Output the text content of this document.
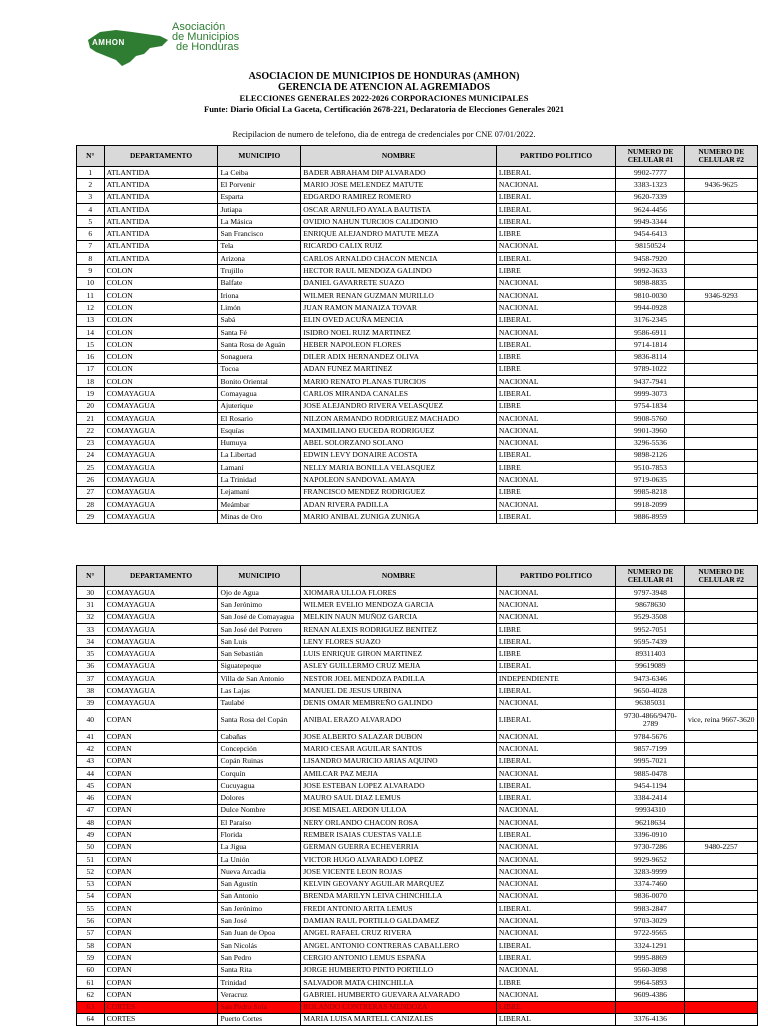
AMHON
Asociación
de Municipios
de Honduras
ASOCIACION DE MUNICIPIOS DE HONDURAS (AMHON)
GERENCIA DE ATENCION AL AGREMIADOS
ELECCIONES GENERALES 2022-2026 CORPORACIONES MUNICIPALES
Funte: Diario Oficial La Gaceta, Certificación 2678-221, Declaratoria de Elecciones Generales 2021
Recipilacion de numero de telefono, dia de entrega de credenciales por CNE 07/01/2022.
N°	DEPARTAMENTO	MUNICIPIO	NOMBRE	PARTIDO POLITICO	NUMERO DE CELULAR #1	NUMERO DE CELULAR #2
1	ATLANTIDA	La Ceiba	BADER ABRAHAM DIP ALVARADO	LIBERAL	9902-7777	
2	ATLANTIDA	El Porvenir	MARIO JOSE MELENDEZ MATUTE	NACIONAL	3383-1323	9436-9625
3	ATLANTIDA	Esparta	EDGARDO RAMIREZ ROMERO	LIBERAL	9620-7339	
4	ATLANTIDA	Jutiapa	OSCAR ARNULFO AYALA BAUTISTA	LIBERAL	9624-4456	
5	ATLANTIDA	La Másica	OVIDIO NAHUN TURCIOS CALIDONIO	LIBERAL	9949-3344	
6	ATLANTIDA	San Francisco	ENRIQUE ALEJANDRO MATUTE MEZA	LIBRE	9454-6413	
7	ATLANTIDA	Tela	RICARDO CALIX RUIZ	NACIONAL	98150524	
8	ATLANTIDA	Arizona	CARLOS ARNALDO CHACON MENCIA	LIBERAL	9458-7920	
9	COLON	Trujillo	HECTOR RAUL MENDOZA GALINDO	LIBRE	9992-3633	
10	COLON	Balfate	DANIEL GAVARRETE SUAZO	NACIONAL	9898-8835	
11	COLON	Iriona	WILMER RENAN GUZMAN MURILLO	NACIONAL	9810-0030	9346-9293
12	COLON	Limón	JUAN RAMON MANAIZA TOVAR	NACIONAL	9944-0928	
13	COLON	Sabá	ELIN OVED ACUÑA MENCIA	LIBERAL	3176-2345	
14	COLON	Santa Fé	ISIDRO NOEL RUIZ MARTINEZ	NACIONAL	9586-6911	
15	COLON	Santa Rosa de Aguán	HEBER NAPOLEON FLORES	LIBERAL	9714-1814	
16	COLON	Sonaguera	DILER ADIX HERNANDEZ OLIVA	LIBRE	9836-8114	
17	COLON	Tocoa	ADAN FUNEZ MARTINEZ	LIBRE	9789-1022	
18	COLON	Bonito Oriental	MARIO RENATO PLANAS TURCIOS	NACIONAL	9437-7941	
19	COMAYAGUA	Comayagua	CARLOS MIRANDA CANALES	LIBERAL	9999-3073	
20	COMAYAGUA	Ajuterique	JOSE ALEJANDRO RIVERA VELASQUEZ	LIBRE	9754-1834	
21	COMAYAGUA	El Rosario	NILZON ARMANDO RODRIGUEZ MACHADO	NACIONAL	9908-5760	
22	COMAYAGUA	Esquías	MAXIMILIANO EUCEDA RODRIGUEZ	NACIONAL	9901-3960	
23	COMAYAGUA	Humuya	ABEL SOLORZANO SOLANO	NACIONAL	3296-5536	
24	COMAYAGUA	La Libertad	EDWIN LEVY DONAIRE ACOSTA	LIBERAL	9898-2126	
25	COMAYAGUA	Lamaní	NELLY MARIA BONILLA VELASQUEZ	LIBRE	9510-7853	
26	COMAYAGUA	La Trinidad	NAPOLEON SANDOVAL AMAYA	NACIONAL	9719-0635	
27	COMAYAGUA	Lejamaní	FRANCISCO MENDEZ RODRIGUEZ	LIBRE	9985-8218	
28	COMAYAGUA	Meámbar	ADAN RIVERA PADILLA	NACIONAL	9918-2099	
29	COMAYAGUA	Minas de Oro	MARIO ANIBAL ZUNIGA ZUNIGA	LIBERAL	9886-8959	
N°	DEPARTAMENTO	MUNICIPIO	NOMBRE	PARTIDO POLITICO	NUMERO DE CELULAR #1	NUMERO DE CELULAR #2
30	COMAYAGUA	Ojo de Agua	XIOMARA ULLOA FLORES	NACIONAL	9797-3948	
31	COMAYAGUA	San Jerónimo	WILMER EVELIO MENDOZA GARCIA	NACIONAL	98678630	
32	COMAYAGUA	San José de Comayagua	MELKIN NAUN MUÑOZ GARCIA	NACIONAL	9529-3508	
33	COMAYAGUA	San José del Potrero	RENAN ALEXIS RODRIGUEZ BENITEZ	LIBRE	9952-7051	
34	COMAYAGUA	San Luis	LENY FLORES SUAZO	LIBERAL	9595-7439	
35	COMAYAGUA	San Sebastián	LUIS ENRIQUE GIRON MARTINEZ	LIBRE	89311403	
36	COMAYAGUA	Siguatepeque	ASLEY GUILLERMO CRUZ MEJIA	LIBERAL	99619089	
37	COMAYAGUA	Villa de San Antonio	NESTOR JOEL MENDOZA PADILLA	INDEPENDIENTE	9473-6346	
38	COMAYAGUA	Las Lajas	MANUEL DE JESUS URBINA	LIBERAL	9650-4028	
39	COMAYAGUA	Taulabé	DENIS OMAR MEMBREÑO GALINDO	NACIONAL	96385031	
40	COPAN	Santa Rosa del Copán	ANIBAL ERAZO ALVARADO	LIBERAL	9730-4866/9470-2789	vice, reina 9667-3620
41	COPAN	Cabañas	JOSE ALBERTO SALAZAR DUBON	NACIONAL	9784-5676	
42	COPAN	Concepción	MARIO CESAR AGUILAR SANTOS	NACIONAL	9857-7199	
43	COPAN	Copán Ruinas	LISANDRO MAURICIO ARIAS AQUINO	LIBERAL	9995-7021	
44	COPAN	Corquín	AMILCAR PAZ MEJIA	NACIONAL	9885-0478	
45	COPAN	Cucuyagua	JOSE ESTEBAN LOPEZ ALVARADO	LIBERAL	9454-1194	
46	COPAN	Dolores	MAURO SAUL DIAZ LEMUS	LIBERAL	3384-2414	
47	COPAN	Dulce Nombre	JOSE MISAEL ARDON ULLOA	NACIONAL	99934310	
48	COPAN	El Paraíso	NERY ORLANDO CHACON ROSA	NACIONAL	96218634	
49	COPAN	Florida	REMBER ISAIAS CUESTAS VALLE	LIBERAL	3396-0910	
50	COPAN	La Jigua	GERMAN GUERRA ECHEVERRIA	NACIONAL	9730-7286	9480-2257
51	COPAN	La Unión	VICTOR HUGO ALVARADO LOPEZ	NACIONAL	9929-9652	
52	COPAN	Nueva Arcadia	JOSE VICENTE LEON ROJAS	NACIONAL	3283-9999	
53	COPAN	San Agustín	KELVIN GEOVANY AGUILAR MARQUEZ	NACIONAL	3374-7460	
54	COPAN	San Antonio	BRENDA MARILYN LEIVA CHINCHILLA	NACIONAL	9836-0070	
55	COPAN	San Jerónimo	FREDI ANTONIO ARITA LEMUS	LIBERAL	9983-2847	
56	COPAN	San José	DAMIAN RAUL PORTILLO GALDAMEZ	NACIONAL	9703-3029	
57	COPAN	San Juan de Opoa	ANGEL RAFAEL CRUZ RIVERA	NACIONAL	9722-9565	
58	COPAN	San Nicolás	ANGEL ANTONIO CONTRERAS CABALLERO	LIBERAL	3324-1291	
59	COPAN	San Pedro	CERGIO ANTONIO LEMUS ESPAÑA	LIBERAL	9995-8869	
60	COPAN	Santa Rita	JORGE HUMBERTO PINTO PORTILLO	NACIONAL	9560-3098	
61	COPAN	Trinidad	SALVADOR MATA CHINCHILLA	LIBRE	9964-5893	
62	COPAN	Veracruz	GABRIEL HUMBERTO GUEVARA ALVARADO	NACIONAL	9609-4386	
63	CORTES	San Pedro Sula	ROLANDO CONTRERAS MENDOZA	LIBRE		
64	CORTES	Puerto Cortes	MARIA LUISA MARTELL CANIZALES	LIBERAL	3376-4136	
